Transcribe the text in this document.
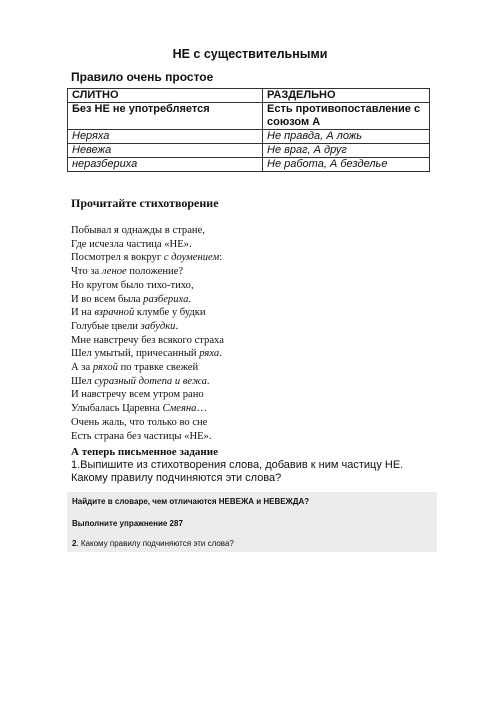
НЕ с существительными
Правило очень простое
СЛИТНО	РАЗДЕЛЬНО
Без НЕ не употребляется	Есть противопоставление с союзом А
Неряха	Не правда, А ложь
Невежа	Не враг, А друг
неразбериха	Не работа, А безделье
Прочитайте стихотворение
Побывал я однажды в стране,
Где исчезла частица «НЕ».
Посмотрел я вокруг с доумением:
Что за леное положение?
Но кругом было тихо-тихо,
И во всем была разбериха.
И на взрачной клумбе у будки
Голубые цвели забудки.
Мне навстречу без всякого страха
Шел умытый, причесанный ряха.
А за ряхой по травке свежей
Шел суразный дотепа и вежа.
И навстречу всем утром рано
Улыбалась Царевна Смеяна…
Очень жаль, что только во сне
Есть страна без частицы «НЕ».
А теперь письменное задание
1.Выпишите из стихотворения слова, добавив к ним частицу НЕ. Какому правилу подчиняются эти слова?
Найдите в словаре, чем отличаются НЕВЕЖА и НЕВЕЖДА?
Выполните упражнение 287
2. Какому правилу подчиняются эти слова?
